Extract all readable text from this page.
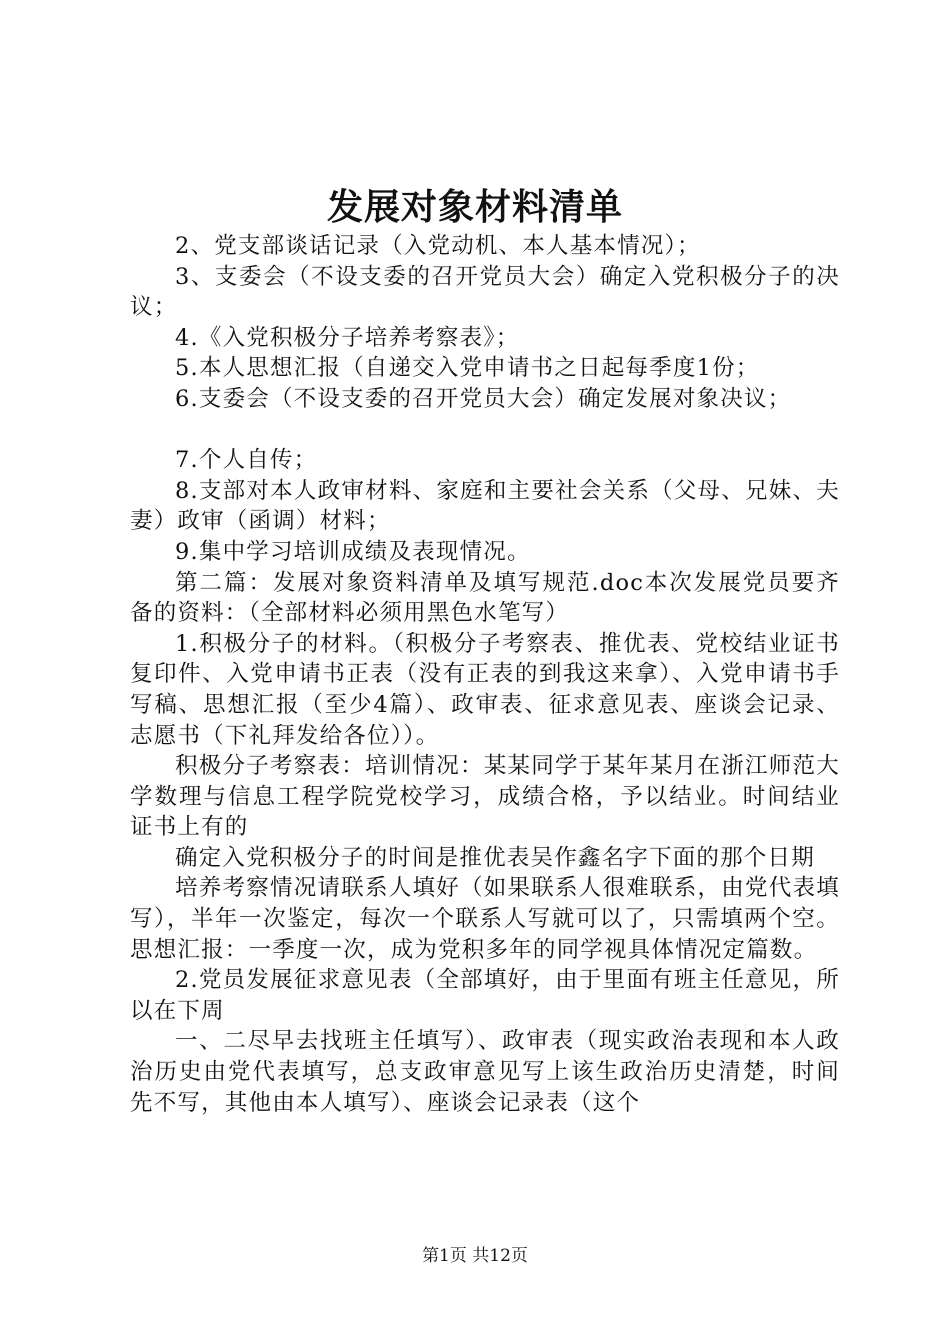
发展对象材料清单

2、党支部谈话记录（入党动机、本人基本情况）；

3、支委会（不设支委的召开党员大会）确定入党积极分子的决议；

4.《入党积极分子培养考察表》；

5.本人思想汇报（自递交入党申请书之日起每季度1份；

6.支委会（不设支委的召开党员大会）确定发展对象决议；

7.个人自传；

8.支部对本人政审材料、家庭和主要社会关系（父母、兄妹、夫妻）政审（函调）材料；

9.集中学习培训成绩及表现情况。

第二篇：发展对象资料清单及填写规范.doc本次发展党员要齐备的资料：（全部材料必须用黑色水笔写）

1.积极分子的材料。（积极分子考察表、推优表、党校结业证书复印件、入党申请书正表（没有正表的到我这来拿）、入党申请书手写稿、思想汇报（至少4篇）、政审表、征求意见表、座谈会记录、志愿书（下礼拜发给各位））。

积极分子考察表：培训情况：某某同学于某年某月在浙江师范大学数理与信息工程学院党校学习，成绩合格，予以结业。时间结业证书上有的

确定入党积极分子的时间是推优表吴作鑫名字下面的那个日期

培养考察情况请联系人填好（如果联系人很难联系，由党代表填写），半年一次鉴定，每次一个联系人写就可以了，只需填两个空。思想汇报：一季度一次，成为党积多年的同学视具体情况定篇数。

2.党员发展征求意见表（全部填好，由于里面有班主任意见，所以在下周

一、二尽早去找班主任填写）、政审表（现实政治表现和本人政治历史由党代表填写，总支政审意见写上该生政治历史清楚，时间先不写，其他由本人填写）、座谈会记录表（这个

第1页 共12页
